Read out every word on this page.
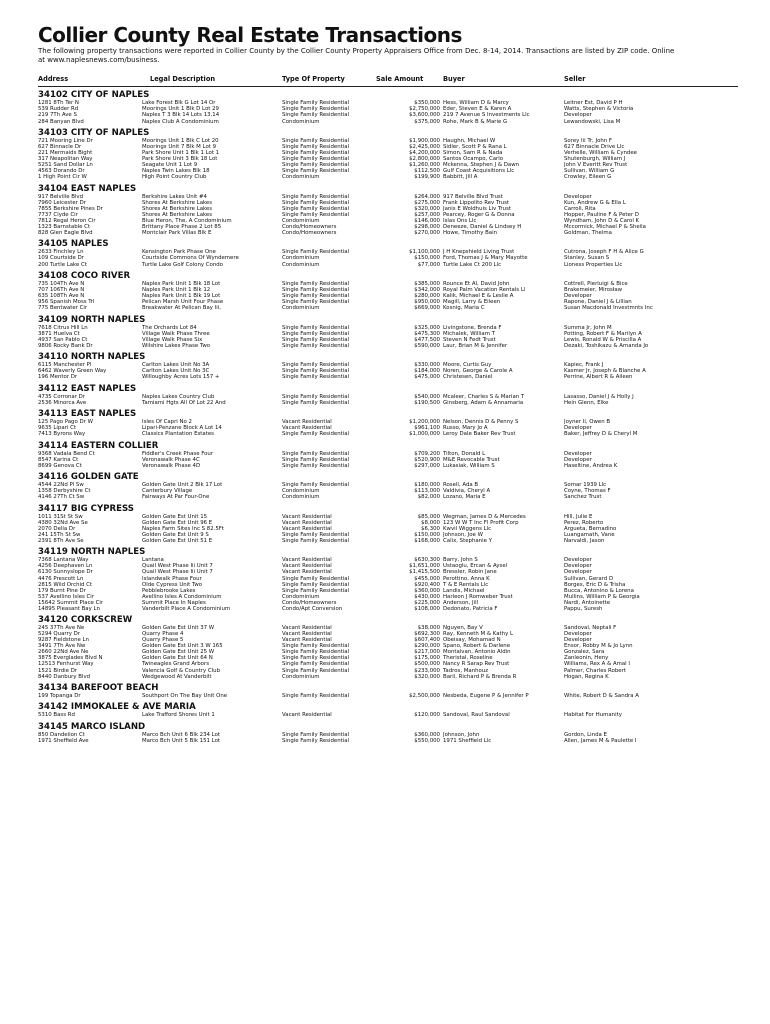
Collier County Real Estate Transactions
The following property transactions were reported in Collier County by the Collier County Property Appraisers Office from Dec. 8-14, 2014. Transactions are listed by ZIP code. Online at www.naplesnews.com/business.
Address	Legal Description	Type Of Property	Sale Amount	Buyer	Seller
34102 CITY OF NAPLES
1281 8Th Ter N	Lake Forest Blk G Lot 14 Or	Single Family Residential	$350,000 Hess, William D & Marcy	Leitner Est, David P H
539 Rudder Rd	Moorings Unit 1 Blk D Lot 29	Single Family Residential	$2,750,000 Eder, Steven E & Karen A	Watts, Stephen & Victoria
219 7Th Ave S	Naples T 3 Blk 14 Lots 13,14	Single Family Residential	$3,600,000 219 7 Avenue S Investments Llc	Developer
284 Banyan Blvd	Naples Club A Condominium	Condominium	$375,000 Rohe, Mark B & Marie G	Lewandowski, Lisa M
34103 CITY OF NAPLES
721 Mooring Line Dr	Moorings Unit 1 Blk C Lot 20	Single Family Residential	$1,900,000 Haughn, Michael W	Sorey Iii Tr, John F
627 Binnacle Dr	Moorings Unit 7 Blk M Lot 9	Single Family Residential	$2,425,000 Sidler, Scott P & Rana L	627 Binnacle Drive Llc
221 Mermaids Bight	Park Shore Unit 1 Blk 1 Lot 1	Single Family Residential	$4,200,000 Simon, Sam R & Nada	Verhelle, William & Cyndee
317 Neapolitan Way	Park Shore Unit 3 Blk 18 Lot	Single Family Residential	$2,800,000 Santos Ocampo, Carlo	Shutenburgh, William J
5251 Sand Dollar Ln	Seagate Unit 1 Lot 9	Single Family Residential	$1,260,000 Mckenna, Stephen J & Dawn	John V Everitt Rev Trust
4563 Dorando Dr	Naples Twin Lakes Blk 18	Single Family Residential	$112,500 Gulf Coast Acquisitions Llc	Sullivan, William G
1 High Point Cir W	High Point Country Club	Condominium	$199,900 Babbitt, Jill A	Crowley, Eileen G
34104 EAST NAPLES
917 Belville Blvd	Berkshire Lakes Unit #4	Single Family Residential	$264,000 917 Belville Blvd Trust	Developer
7960 Leicester Dr	Shores At Berkshire Lakes	Single Family Residential	$275,000 Frank Lippolito Rev Trust	Kun, Andrew G & Ella L
7855 Berkshire Pines Dr	Shores At Berkshire Lakes	Single Family Residential	$320,000 Janis E Woldhuis Liv Trust	Carroll, Rita
7737 Clyde Cir	Shores At Berkshire Lakes	Single Family Residential	$257,000 Pearcey, Roger G & Donna	Hopper, Pauline F & Peter D
7812 Regal Heron Cir	Blue Heron, The, A Condominium	Condominium	$146,000 Islas Ons Llc	Wyndham, John D & Carol K
1323 Barnstable Ct	Brittany Place Phase 2 Lot 85	Condo/Homeowners	$298,000 Deneeze, Daniel & Lindsey H	Mccormick, Michael P & Sheila
828 Glen Eagle Blvd	Montclair Park Villas Blk E	Condo/Homeowners	$270,000 Howe, Timothy Bain	Goldman, Thelma
34105 NAPLES
2633 Finchley Ln	Kensington Park Phase One	Single Family Residential	$1,100,000 J H Knepshield Living Trust	Cutrona, Joseph F H & Alice G
109 Courtside Dr	Courtside Commons Of Wyndemere	Condominium	$150,000 Ford, Thomas J & Mary Mayotte	Stanley, Susan S
200 Turtle Lake Ct	Turtle Lake Golf Colony Condo	Condominium	$77,000 Turtle Lake Ct 200 Llc	Lioness Properties Llc
34108 COCO RIVER
735 104Th Ave N	Naples Park Unit 1 Blk 18 Lot	Single Family Residential	$385,000 Rounce Et Al, David John	Cottrell, Pierluigi & Bice
707 106Th Ave N	Naples Park Unit 1 Blk 12	Single Family Residential	$342,000 Royal Palm Vacation Rentals Ll	Brakemeier, Mirosław
635 108Th Ave N	Naples Park Unit 1 Blk 19 Lot	Single Family Residential	$280,000 Kalik, Michael E & Leslie A	Developer
956 Spanish Moss Trl	Pelican Marsh Unit Four Phase	Single Family Residential	$950,000 Magill, Larry & Eileen	Rapone, Daniel J & Lillian
775 Bentwater Cir	Breakwater At Pelican Bay Iii,	Condominium	$669,000 Kosnig, Maria C	Susan Macdonald Investmnts Inc
34109 NORTH NAPLES
7618 Citrus Hill Ln	The Orchards Lot 84	Single Family Residential	$325,000 Livingstone, Brenda F	Summa Jr, John M
3871 Huelva Ct	Village Walk Phase Three	Single Family Residential	$475,300 Michalek, William T	Potting, Robert F & Marilyn A
4937 San Pablo Ct	Village Walk Phase Six	Single Family Residential	$477,500 Steven N Fedt Trust	Lewis, Ronald W & Priscilla A
9806 Rocky Bank Dr	Wilshire Lakes Phase Two	Single Family Residential	$590,000 Laur, Brian M & Jennifer	Dezaki, Toshikazu & Amanda Jo
34110 NORTH NAPLES
6115 Manchester Pl	Carlton Lakes Unit No 3A	Single Family Residential	$330,000 Moore, Curtis Guy	Kapiec, Frank J
6462 Waverly Green Way	Carlton Lakes Unit No 3C	Single Family Residential	$184,000 Noren, George & Carole A	Kasmer Jr, Joseph & Blanche A
196 Mentor Dr	Willoughby Acres Lots 157 +	Single Family Residential	$475,000 Christesen, Daniel	Perrine, Albert R & Aileen
34112 EAST NAPLES
4735 Corronar Dr	Naples Lakes Country Club	Single Family Residential	$540,000 Mcaleer, Charles S & Marian T	Lasasso, Daniel J & Holly J
2536 Minorca Ave	Tamiami Hgts All Of Lot 22 And	Single Family Residential	$190,500 Ginsberg, Adam & Annamaria	Hein Glenn, Elke
34113 EAST NAPLES
125 Pago Pago Dr W	Isles Of Capri No 2	Vacant Residential	$1,200,000 Nelson, Dennis D & Penny S	Joyner Ii, Owen B
9635 Lipari Ct	Lipari-Penzane Block A Lot 14	Vacant Residential	$961,100 Russo, Mary Jo A	Developer
7413 Byrons Way	Classics Plantation Estates	Single Family Residential	$1,000,000 Leroy Dale Baker Rev Trust	Baker, Jeffrey D & Cheryl M
34114 EASTERN COLLIER
9368 Vadala Bend Ct	Fiddler's Creek Phase Four	Single Family Residential	$709,200 Tilton, Donald L	Developer
8547 Karina Ct	Veronawalk Phase 4C	Single Family Residential	$520,900 M&E Revocable Trust	Developer
8699 Genova Ct	Veronawalk Phase 4D	Single Family Residential	$297,000 Lukasiak, William S	Haseltine, Andrea K
34116 GOLDEN GATE
4544 22Nd Pl Sw	Golden Gate Unit 2 Blk 17 Lot	Single Family Residential	$180,000 Rosell, Ada B	Somar 1939 Llc
1358 Derbyshire Ct	Canterbury Village	Condominium	$113,000 Valdivia, Cheryl A	Coyne, Thomas F
4146 27Th Ct Sw	Fairways At Par Four-One	Condominium	$82,000 Lozano, Maria E	Sanchez Trust
34117 BIG CYPRESS
1011 31St St Sw	Golden Gate Est Unit 15	Vacant Residential	$85,000 Wegman, James D & Mercedes	Hill, Julie E
4380 32Nd Ave Se	Golden Gate Est Unit 96 E	Vacant Residential	$8,000 123 W W T Inc Fl Profit Corp	Perez, Roberto
2070 Della Dr	Naples Farm Sites Inc S 82.5Ft	Vacant Residential	$6,300 Kwvil Wiggens Llc	Argueta, Bernadino
241 15Th St Sw	Golden Gate Est Unit 9 S	Single Family Residential	$150,000 Johnson, Joe W	Luangamath, Vane
2391 8Th Ave Se	Golden Gate Est Unit 51 E	Single Family Residential	$168,000 Calix, Stephanie Y	Narvaldi, Jason
34119 NORTH NAPLES
7368 Lantana Way	Lantana	Vacant Residential	$630,300 Barry, John S	Developer
4256 Deephaven Ln	Quail West Phase Iii Unit 7	Vacant Residential	$1,651,000 Ustaoglu, Ercan & Aysel	Developer
6130 Sunnyslope Dr	Quail West Phase Iii Unit 7	Vacant Residential	$1,415,500 Bressler, Robin Jane	Developer
4476 Prescott Ln	Islandwalk Phase Four	Single Family Residential	$455,000 Perottino, Anna K	Sullivan, Gerard D
2815 Wild Orchid Ct	Olde Cypress Unit Two	Single Family Residential	$920,400 T & E Rentals Llc	Borges, Eric D & Trisha
179 Burnt Pine Dr	Pebblebrooke Lakes	Single Family Residential	$360,000 Landis, Michael	Bucca, Antonino & Lorena
537 Avellino Isles Cir	Avellino Isles A Condominium	Condominium	$430,000 Harleon J Romweber Trust	Mullins, William P & Georgia
15642 Summit Place Cir	Summit Place In Naples	Condo/Homeowners	$225,000 Anderson, Jill	Nardi, Antoinette
14895 Pleasant Bay Ln	Vanderbilt Place A Condominium	Condo/Apt Conversion	$108,000 Dedonato, Patricia F	Pappu, Suresh
34120 CORKSCREW
245 37Th Ave Ne	Golden Gate Est Unit 37 W	Vacant Residential	$38,000 Nguyen, Bay V	Sandoval, Neptali F
5294 Quarry Dr	Quarry Phase 4	Vacant Residential	$692,300 Ray, Kenneth M & Kathy L	Developer
9287 Fieldstone Ln	Quarry Phase 5	Vacant Residential	$607,400 Obeisay, Mohamad N	Developer
3491 7Th Ave Nw	Golden Gate Est Unit 3 W 165	Single Family Residential	$290,000 Spano, Robert & Darlene	Ensor, Robby M & Jo Lynn
2660 22Nd Ave Ne	Golden Gate Est Unit 25 W	Single Family Residential	$217,000 Montalvan, Antonio Aldin	Gonzalez, Sara
3875 Everglades Blvd N	Golden Gate Est Unit 64 N	Single Family Residential	$175,000 Theristal, Roseline	Zanleonin, Heny
12513 Fenhurst Way	Twineagles Grand Arbors	Single Family Residential	$500,000 Nancy R Sarap Rev Trust	Williams, Rex A & Amal I
1521 Birdie Dr	Valencia Golf & Country Club	Single Family Residential	$233,000 Tadros, Manhouz	Palmer, Charles Robert
8440 Danbury Blvd	Wedgewood At Vanderbilt	Condominium	$320,000 Baril, Richard P & Brenda R	Hogan, Regina K
34134 BAREFOOT BEACH
199 Topanga Dr	Southport On The Bay Unit One	Single Family Residential	$2,500,000 Nesbeda, Eugene P & Jennifer P	White, Robert D & Sandra A
34142 IMMOKALEE & AVE MARIA
5310 Bass Rd	Lake Trafford Shores Unit 1	Vacant Residential	$120,000 Sandoval, Raul Sandoval	Habitat For Humanity
34145 MARCO ISLAND
850 Dandelion Ct	Marco Bch Unit 6 Blk 234 Lot	Single Family Residential	$360,000 Johnson, John	Gordon, Linda E
1971 Sheffield Ave	Marco Bch Unit 5 Blk 151 Lot	Single Family Residential	$550,000 1971 Sheffield Llc	Allen, James M & Paulette I
